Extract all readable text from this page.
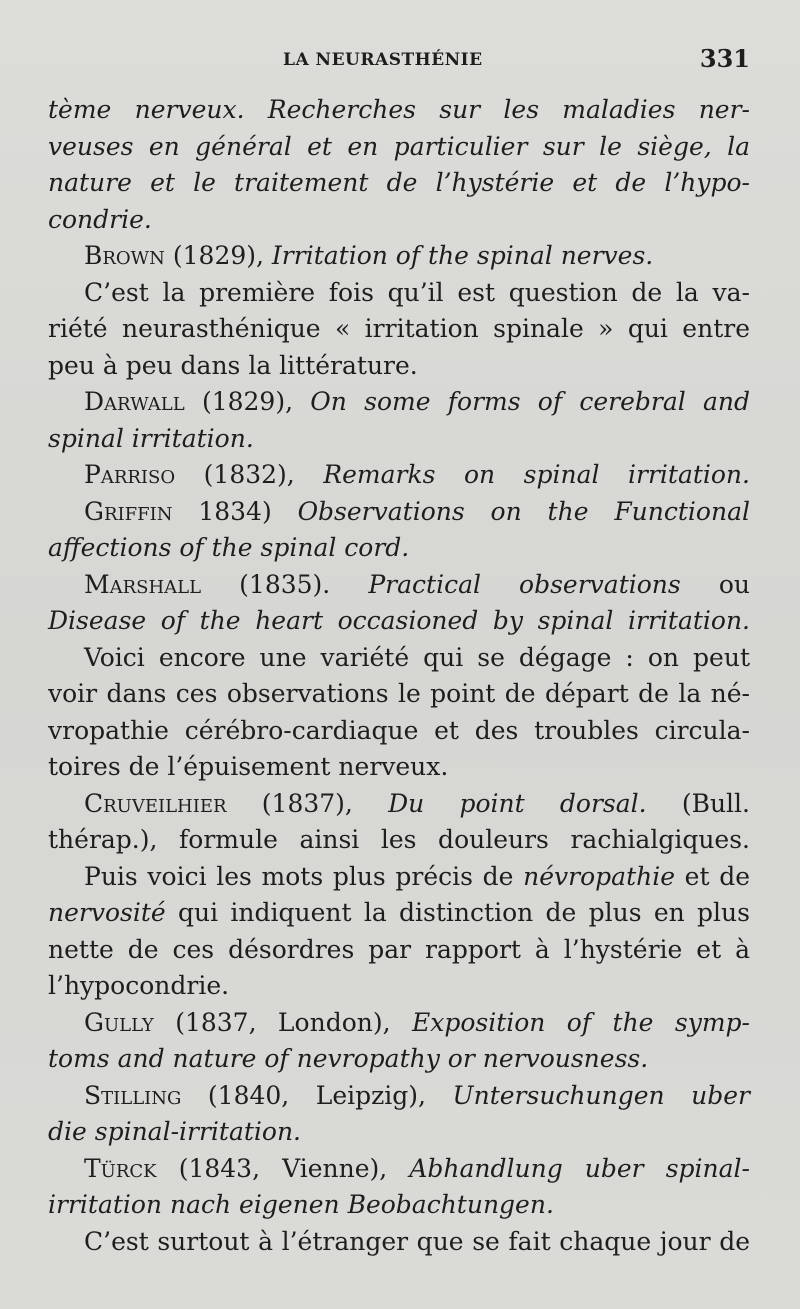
LA NEURASTHÉNIE	331
tème nerveux. Recherches sur les maladies ner-
veuses en général et en particulier sur le siège, la
nature et le traitement de l’hystérie et de l’hypo-
condrie.
Brown (1829), Irritation of the spinal nerves.
C’est la première fois qu’il est question de la va-
riété neurasthénique « irritation spinale » qui entre
peu à peu dans la littérature.
Darwall (1829), On some forms of cerebral and
spinal irritation.
Parriso (1832), Remarks on spinal irritation.
Griffin 1834) Observations on the Functional
affections of the spinal cord.
Marshall (1835). Practical observations ou
Disease of the heart occasioned by spinal irritation.
Voici encore une variété qui se dégage : on peut
voir dans ces observations le point de départ de la né-
vropathie cérébro-cardiaque et des troubles circula-
toires de l’épuisement nerveux.
Cruveilhier (1837), Du point dorsal. (Bull.
thérap.), formule ainsi les douleurs rachialgiques.
Puis voici les mots plus précis de névropathie et de
nervosité qui indiquent la distinction de plus en plus
nette de ces désordres par rapport à l’hystérie et à
l’hypocondrie.
Gully (1837, London), Exposition of the symp-
toms and nature of nevropathy or nervousness.
Stilling (1840, Leipzig), Untersuchungen uber
die spinal-irritation.
Türck (1843, Vienne), Abhandlung uber spinal-
irritation nach eigenen Beobachtungen.
C’est surtout à l’étranger que se fait chaque jour de
